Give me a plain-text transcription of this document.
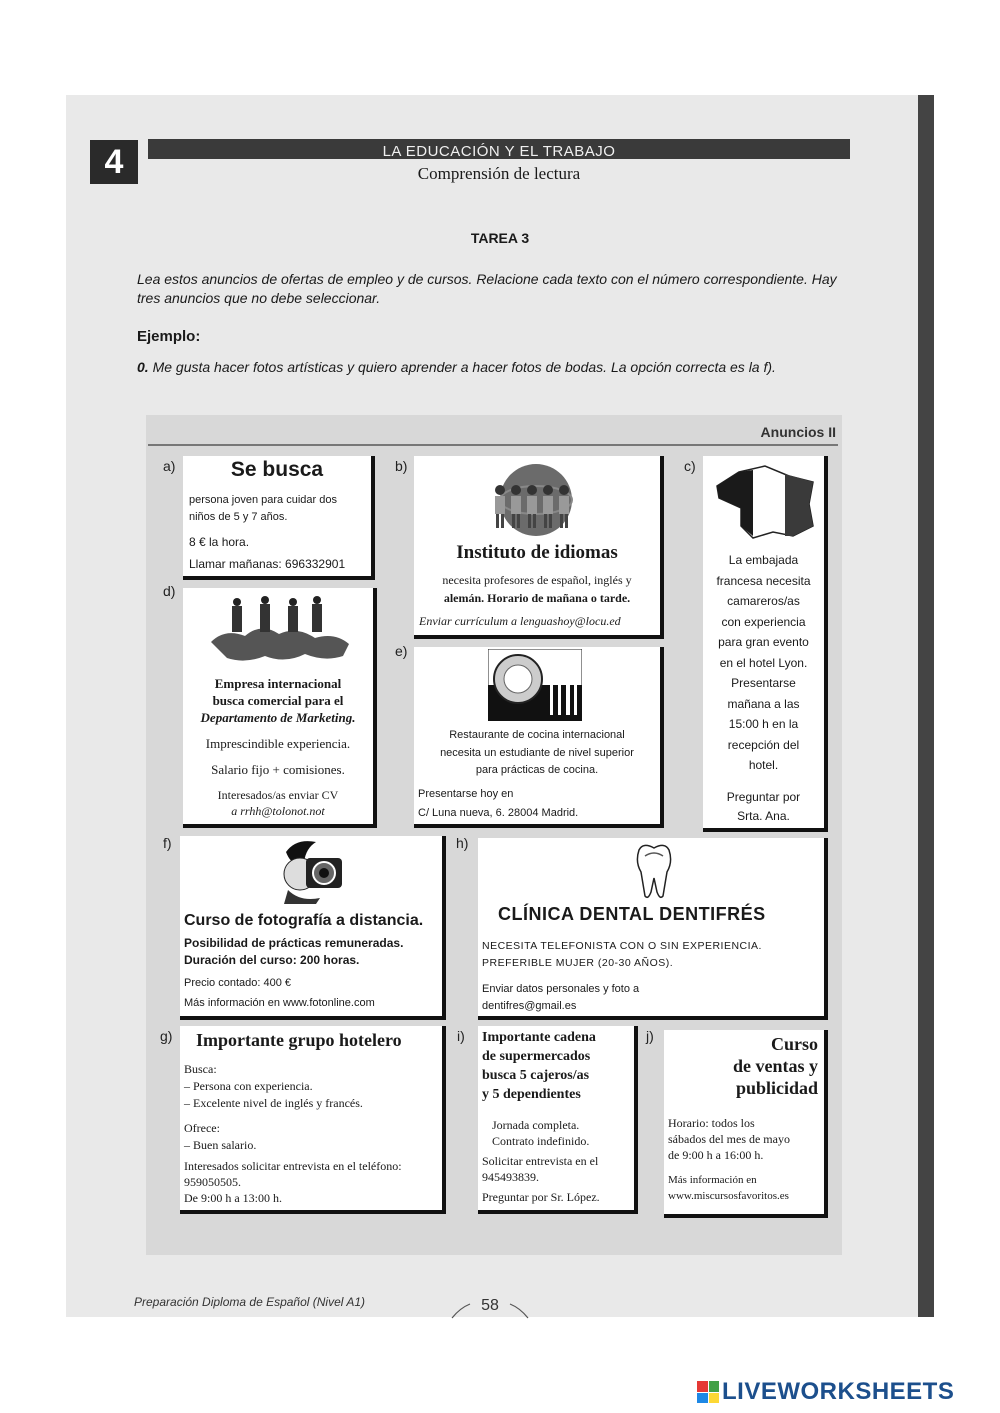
4	LA EDUCACIÓN Y EL TRABAJO
Comprensión de lectura
TAREA 3
Lea estos anuncios de ofertas de empleo y de cursos. Relacione cada texto con el número correspondiente. Hay tres anuncios que no debe seleccionar.
Ejemplo:
0. Me gusta hacer fotos artísticas y quiero aprender a hacer fotos de bodas. La opción correcta es la f).
Anuncios II
a)	Se busca
persona joven para cuidar dos
niños de 5 y 7 años.
8 € la hora.
Llamar mañanas: 696332901
b)
Instituto de idiomas
necesita profesores de español, inglés y
alemán. Horario de mañana o tarde.
Enviar currículum a lenguashoy@locu.ed
c)
La embajada
francesa necesita
camareros/as
con experiencia
para gran evento
en el hotel Lyon.
Presentarse
mañana a las
15:00 h en la
recepción del
hotel.
Preguntar por
Srta. Ana.
d)
Empresa internacional
busca comercial para el
Departamento de Marketing.
Imprescindible experiencia.
Salario fijo + comisiones.
Interesados/as enviar CV
a rrhh@tolonot.not
e)
Restaurante de cocina internacional
necesita un estudiante de nivel superior
para prácticas de cocina.
Presentarse hoy en
C/ Luna nueva, 6. 28004 Madrid.
f)
Curso de fotografía a distancia.
Posibilidad de prácticas remuneradas.
Duración del curso: 200 horas.
Precio contado: 400 €
Más información en www.fotonline.com
h)
CLÍNICA DENTAL DENTIFRÉS
NECESITA TELEFONISTA CON O SIN EXPERIENCIA.
PREFERIBLE MUJER (20-30 AÑOS).
Enviar datos personales y foto a
dentifres@gmail.es
g) Importante grupo hotelero
Busca:
– Persona con experiencia.
– Excelente nivel de inglés y francés.
Ofrece:
– Buen salario.
Interesados solicitar entrevista en el teléfono:
959050505.
De 9:00 h a 13:00 h.
i) Importante cadena
de supermercados
busca 5 cajeros/as
y 5 dependientes
Jornada completa.
Contrato indefinido.
Solicitar entrevista en el
945493839.
Preguntar por Sr. López.
j)	Curso
de ventas y
publicidad
Horario: todos los
sábados del mes de mayo
de 9:00 h a 16:00 h.
Más información en
www.miscursosfavoritos.es
Preparación Diploma de Español (Nivel A1)	58
LIVEWORKSHEETS
